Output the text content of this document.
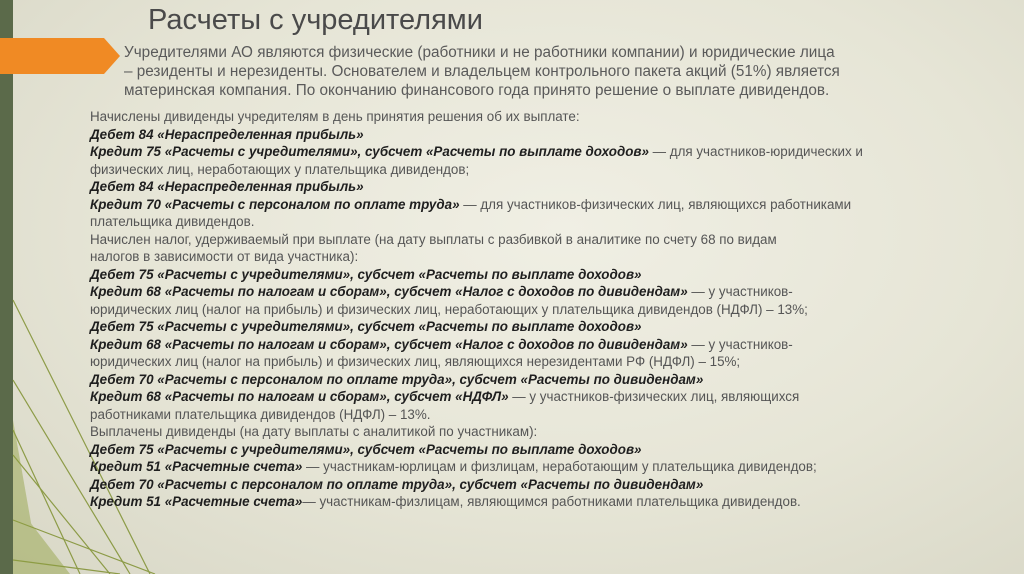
Расчеты с учредителями
Учредителями АО являются физические (работники и не работники компании) и юридические лица
– резиденты и нерезиденты. Основателем и владельцем контрольного пакета акций (51%) является
материнская компания. По окончанию финансового года принято решение о выплате дивидендов.
Начислены дивиденды учредителям в день принятия решения об их выплате:
Дебет 84 «Нераспределенная прибыль»
Кредит 75 «Расчеты с учредителями», субсчет «Расчеты по выплате доходов» — для участников-юридических и
физических лиц, неработающих у плательщика дивидендов;
Дебет 84 «Нераспределенная прибыль»
Кредит 70 «Расчеты с персоналом по оплате труда» — для участников-физических лиц, являющихся работниками
плательщика дивидендов.
Начислен налог, удерживаемый при выплате (на дату выплаты с разбивкой в аналитике по счету 68 по видам
налогов в зависимости от вида участника):
Дебет 75 «Расчеты с учредителями», субсчет «Расчеты по выплате доходов»
Кредит 68 «Расчеты по налогам и сборам», субсчет «Налог с доходов по дивидендам» — у участников-
юридических лиц (налог на прибыль) и физических лиц, неработающих у плательщика дивидендов (НДФЛ) – 13%;
Дебет 75 «Расчеты с учредителями», субсчет «Расчеты по выплате доходов»
Кредит 68 «Расчеты по налогам и сборам», субсчет «Налог с доходов по дивидендам» — у участников-
юридических лиц (налог на прибыль) и физических лиц, являющихся нерезидентами РФ (НДФЛ) – 15%;
Дебет 70 «Расчеты с персоналом по оплате труда», субсчет «Расчеты по дивидендам»
Кредит 68 «Расчеты по налогам и сборам», субсчет «НДФЛ» — у участников-физических лиц, являющихся
работниками плательщика дивидендов (НДФЛ) – 13%.
Выплачены дивиденды (на дату выплаты с аналитикой по участникам):
Дебет 75 «Расчеты с учредителями», субсчет «Расчеты по выплате доходов»
Кредит 51 «Расчетные счета» — участникам-юрлицам и физлицам, неработающим у плательщика дивидендов;
Дебет 70 «Расчеты с персоналом по оплате труда», субсчет «Расчеты по дивидендам»
Кредит 51 «Расчетные счета»— участникам-физлицам, являющимся работниками плательщика дивидендов.
